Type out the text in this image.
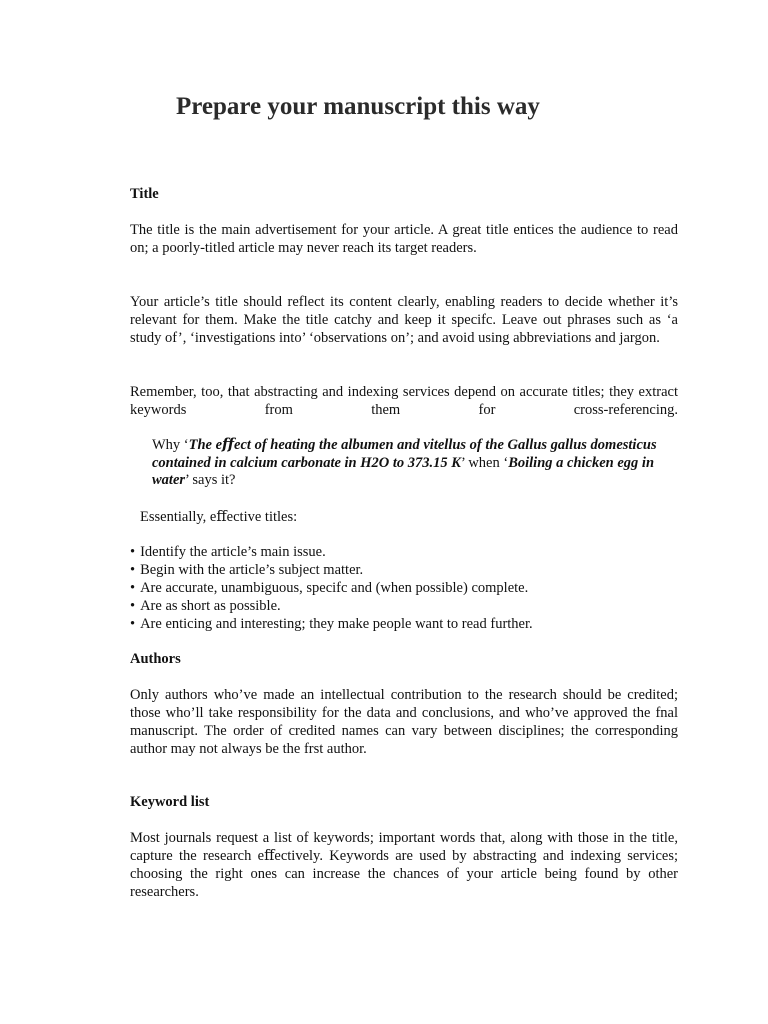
Prepare your manuscript this way
Title

The title is the main advertisement for your article. A great title entices the audience to read on; a poorly-titled article may never reach its target readers.

Your article’s title should reflect its content clearly, enabling readers to decide whether it’s relevant for them. Make the title catchy and keep it specifc. Leave out phrases such as ‘a study of’, ‘investigations into’ ‘observations on’; and avoid using abbreviations and jargon.

Remember, too, that abstracting and indexing services depend on accurate titles; they extract keywords from them for cross-referencing.

Why ‘The eﬀect of heating the albumen and vitellus of the Gallus gallus domesticus contained in calcium carbonate in H2O to 373.15 K’ when ‘Boiling a chicken egg in water’ says it?

Essentially, eﬀective titles:

• Identify the article’s main issue.
• Begin with the article’s subject matter.
• Are accurate, unambiguous, specifc and (when possible) complete.
• Are as short as possible.
• Are enticing and interesting; they make people want to read further.
Authors

Only authors who’ve made an intellectual contribution to the research should be credited; those who’ll take responsibility for the data and conclusions, and who’ve approved the fnal manuscript. The order of credited names can vary between disciplines; the corresponding author may not always be the frst author.

Keyword list

Most journals request a list of keywords; important words that, along with those in the title, capture the research eﬀectively. Keywords are used by abstracting and indexing services; choosing the right ones can increase the chances of your article being found by other researchers.
